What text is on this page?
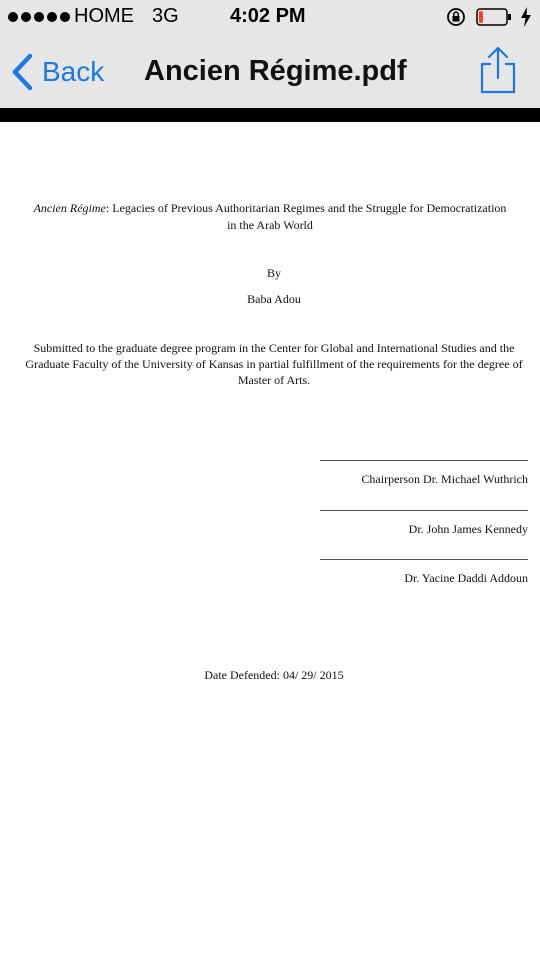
HOME 3G	4:02 PM
Back Ancien Régime.pdf
Ancien Régime: Legacies of Previous Authoritarian Regimes and the Struggle for Democratization in the Arab World
By
Baba Adou
Submitted to the graduate degree program in the Center for Global and International Studies and the Graduate Faculty of the University of Kansas in partial fulfillment of the requirements for the degree of Master of Arts.
Chairperson Dr. Michael Wuthrich
Dr. John James Kennedy
Dr. Yacine Daddi Addoun
Date Defended: 04/ 29/ 2015
